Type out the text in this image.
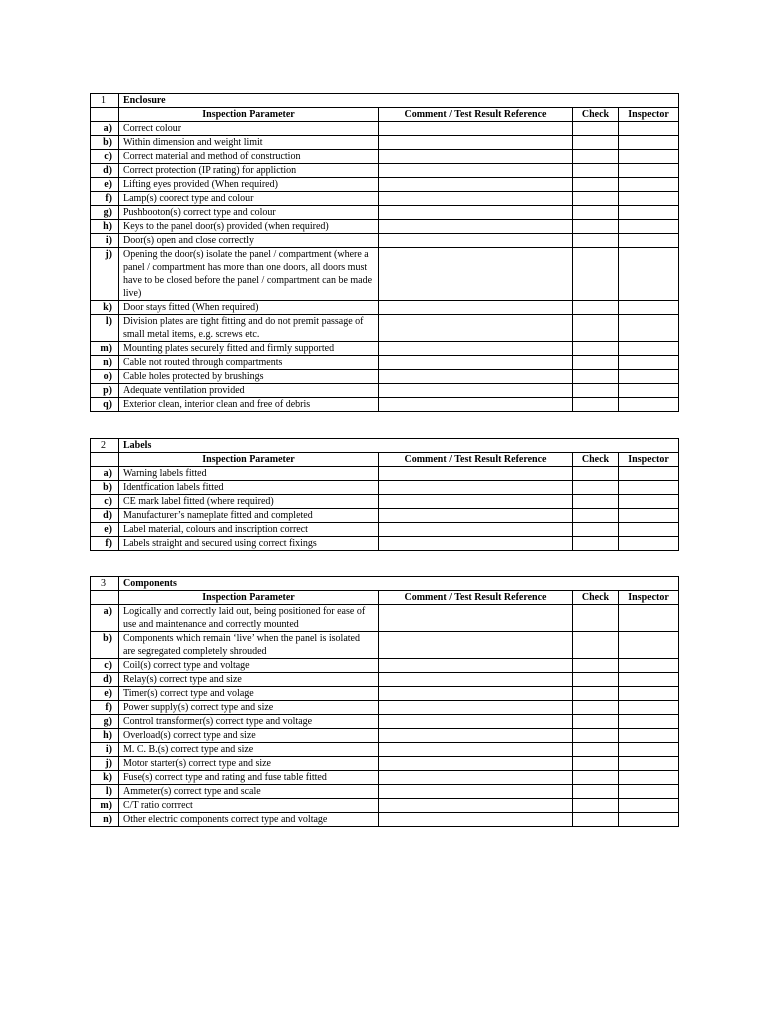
1	Enclosure			
	Inspection Parameter	Comment / Test Result Reference	Check	Inspector
a)	Correct colour			
b)	Within dimension and weight limit			
c)	Correct material and method of construction			
d)	Correct protection (IP rating) for appliction			
e)	Lifting eyes provided (When required)			
f)	Lamp(s) coorect type and colour			
g)	Pushbooton(s) correct type and colour			
h)	Keys to the panel door(s) provided (when required)			
i)	Door(s) open and close correctly			
j)	Opening the door(s) isolate the panel / compartment (where a panel / compartment has more than one doors, all doors must have to be closed before the panel / compartment can be made live)			
k)	Door stays fitted (When required)			
l)	Division plates are tight fitting and do not premit passage of small metal items, e.g. screws etc.			
m)	Mounting plates securely fitted and firmly supported			
n)	Cable not routed through compartments			
o)	Cable holes protected by brushings			
p)	Adequate ventilation provided			
q)	Exterior clean, interior clean and free of debris			
2	Labels			
	Inspection Parameter	Comment / Test Result Reference	Check	Inspector
a)	Warning labels fitted			
b)	Identfication labels fitted			
c)	CE mark label fitted (where required)			
d)	Manufacturer’s nameplate fitted and completed			
e)	Label material, colours and inscription correct			
f)	Labels straight and secured using correct fixings			
3	Components			
	Inspection Parameter	Comment / Test Result Reference	Check	Inspector
a)	Logically and correctly laid out, being positioned for ease of use and maintenance and correctly mounted			
b)	Components which remain ‘live’ when the panel is isolated are segregated completely shrouded			
c)	Coil(s) correct type and voltage			
d)	Relay(s) correct type and size			
e)	Timer(s) correct type and volage			
f)	Power supply(s) correct type and size			
g)	Control transformer(s) correct type and voltage			
h)	Overload(s) correct type and size			
i)	M. C. B.(s) correct type and size			
j)	Motor starter(s) correct type and size			
k)	Fuse(s) correct type and rating and fuse table fitted			
l)	Ammeter(s) correct type and scale			
m)	C/T ratio corrrect			
n)	Other electric components correct type and voltage			
